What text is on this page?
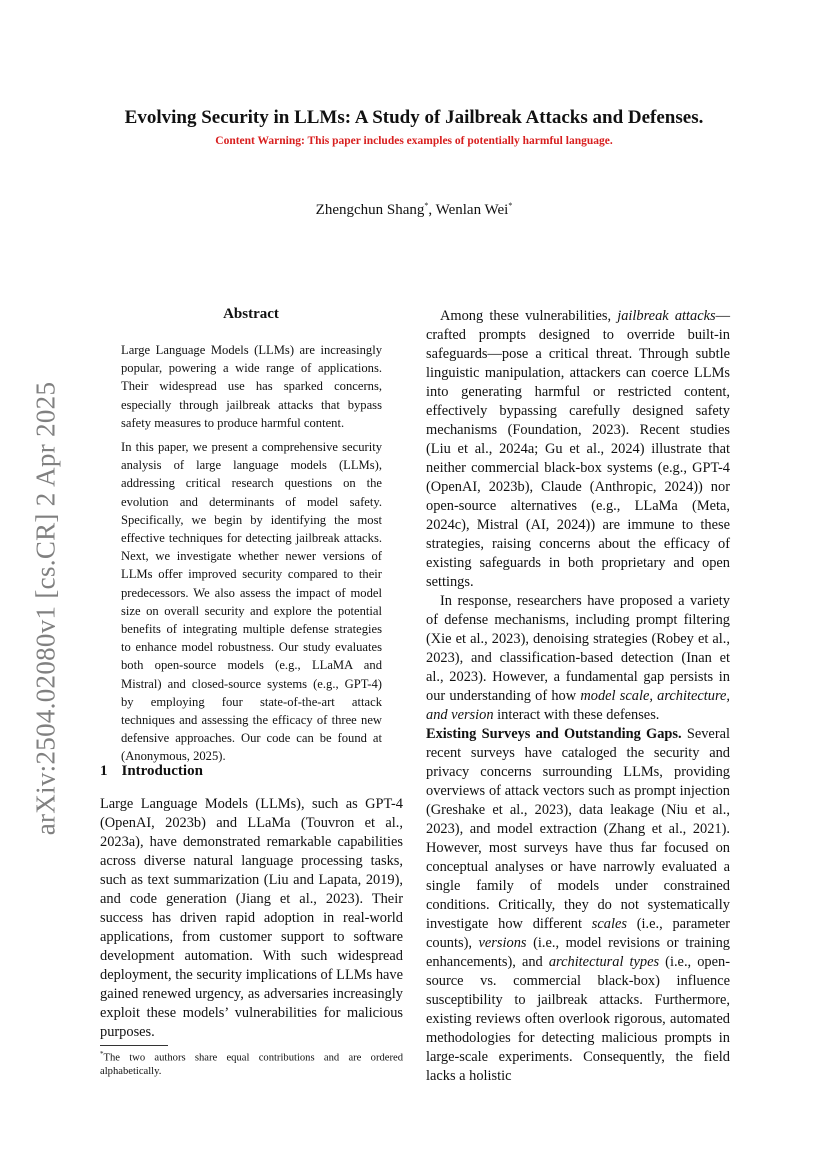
arXiv:2504.02080v1 [cs.CR] 2 Apr 2025
Evolving Security in LLMs: A Study of Jailbreak Attacks and Defenses.
Content Warning: This paper includes examples of potentially harmful language.
Zhengchun Shang*, Wenlan Wei*
Abstract

Large Language Models (LLMs) are increasingly popular, powering a wide range of applications. Their widespread use has sparked concerns, especially through jailbreak attacks that bypass safety measures to produce harmful content.

In this paper, we present a comprehensive security analysis of large language models (LLMs), addressing critical research questions on the evolution and determinants of model safety. Specifically, we begin by identifying the most effective techniques for detecting jailbreak attacks. Next, we investigate whether newer versions of LLMs offer improved security compared to their predecessors. We also assess the impact of model size on overall security and explore the potential benefits of integrating multiple defense strategies to enhance model robustness. Our study evaluates both open-source models (e.g., LLaMA and Mistral) and closed-source systems (e.g., GPT-4) by employing four state-of-the-art attack techniques and assessing the efficacy of three new defensive approaches. Our code can be found at (Anonymous, 2025).

1 Introduction

Large Language Models (LLMs), such as GPT-4 (OpenAI, 2023b) and LLaMa (Touvron et al., 2023a), have demonstrated remarkable capabilities across diverse natural language processing tasks, such as text summarization (Liu and Lapata, 2019), and code generation (Jiang et al., 2023). Their success has driven rapid adoption in real-world applications, from customer support to software development automation. With such widespread deployment, the security implications of LLMs have gained renewed urgency, as adversaries increasingly exploit these models’ vulnerabilities for malicious purposes.

*The two authors share equal contributions and are ordered alphabetically.

Among these vulnerabilities, jailbreak attacks—crafted prompts designed to override built-in safeguards—pose a critical threat. Through subtle linguistic manipulation, attackers can coerce LLMs into generating harmful or restricted content, effectively bypassing carefully designed safety mechanisms (Foundation, 2023). Recent studies (Liu et al., 2024a; Gu et al., 2024) illustrate that neither commercial black-box systems (e.g., GPT-4 (OpenAI, 2023b), Claude (Anthropic, 2024)) nor open-source alternatives (e.g., LLaMa (Meta, 2024c), Mistral (AI, 2024)) are immune to these strategies, raising concerns about the efficacy of existing safeguards in both proprietary and open settings.

In response, researchers have proposed a variety of defense mechanisms, including prompt filtering (Xie et al., 2023), denoising strategies (Robey et al., 2023), and classification-based detection (Inan et al., 2023). However, a fundamental gap persists in our understanding of how model scale, architecture, and version interact with these defenses.

Existing Surveys and Outstanding Gaps. Several recent surveys have cataloged the security and privacy concerns surrounding LLMs, providing overviews of attack vectors such as prompt injection (Greshake et al., 2023), data leakage (Niu et al., 2023), and model extraction (Zhang et al., 2021). However, most surveys have thus far focused on conceptual analyses or have narrowly evaluated a single family of models under constrained conditions. Critically, they do not systematically investigate how different scales (i.e., parameter counts), versions (i.e., model revisions or training enhancements), and architectural types (i.e., open-source vs. commercial black-box) influence susceptibility to jailbreak attacks. Furthermore, existing reviews often overlook rigorous, automated methodologies for detecting malicious prompts in large-scale experiments. Consequently, the field lacks a holistic
